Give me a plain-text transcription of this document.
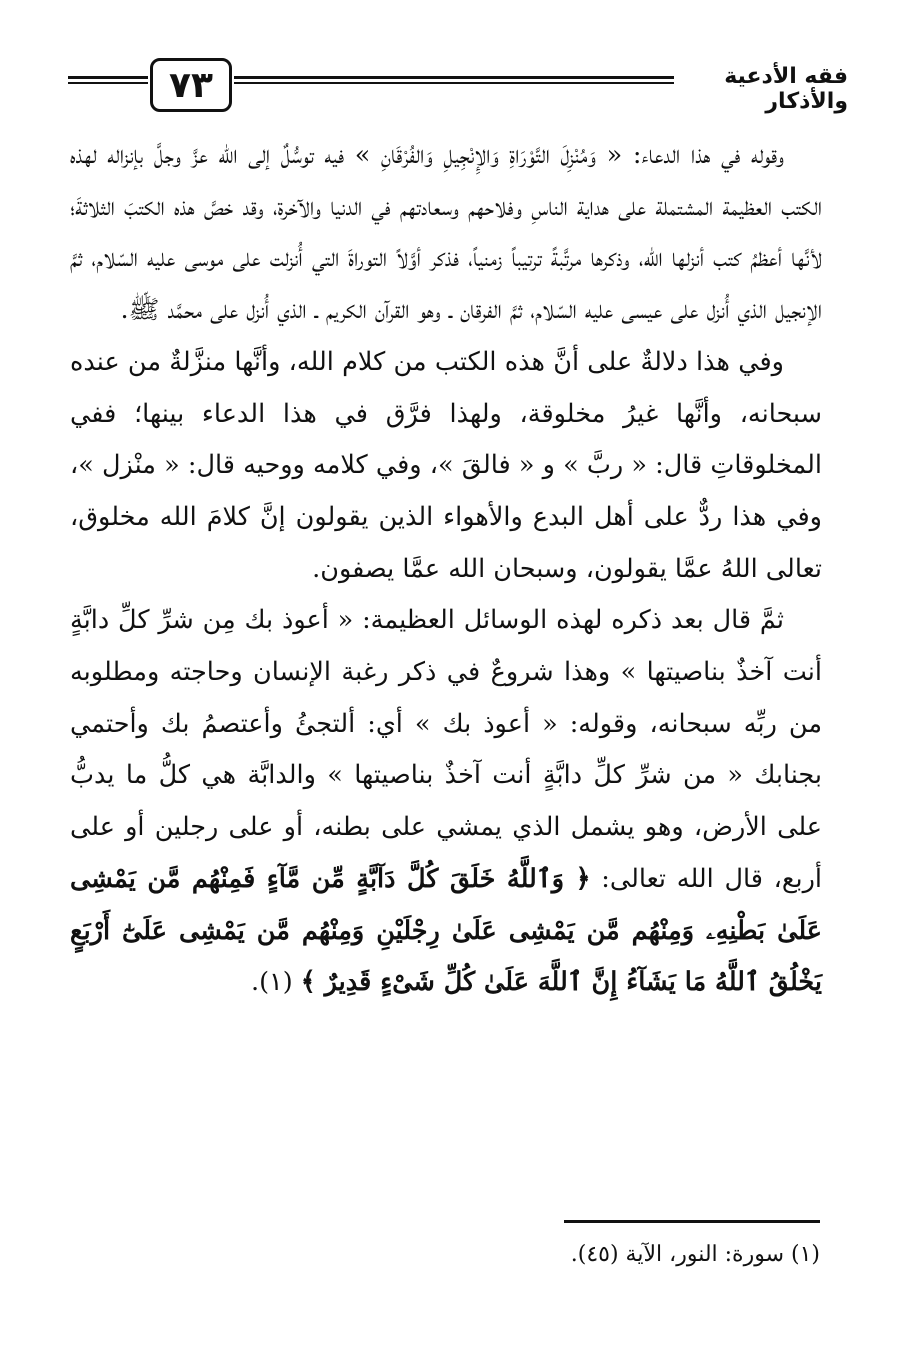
٧٣	فقه الأدعية والأذكار

وقوله في هذا الدعاء: « وَمُنْزِلَ التَّوْرَاةِ وَالإِنْجِيلِ وَالفُرْقَانِ » فيه توسُّلٌ إلى الله عزَّ وجلَّ بإنزاله لهذه الكتب العظيمة المشتملة على هداية الناسِ وفلاحهم وسعادتهم في الدنيا والآخرة، وقد خصَّ هذه الكتبَ الثلاثةَ؛ لأنَّها أعظمُ كتب أنزلها الله، وذكرها مرتَّبةً ترتيباً زمنياً، فذكر أوَّلاً التوراةَ التي أُنزلت على موسى عليه السّلام، ثمَّ الإنجيل الذي أُنزل على عيسى عليه السّلام، ثمَّ الفرقان ـ وهو القرآن الكريم ـ الذي أُنزل على محمَّد ﷺ.

وفي هذا دلالةٌ على أنَّ هذه الكتب من كلام الله، وأنَّها منزَّلةٌ من عنده سبحانه، وأنَّها غيرُ مخلوقة، ولهذا فرَّق في هذا الدعاء بينها؛ ففي المخلوقاتِ قال: « ربَّ » و « فالقَ »، وفي كلامه ووحيه قال: « منْزل »، وفي هذا ردٌّ على أهل البدع والأهواء الذين يقولون إنَّ كلامَ الله مخلوق، تعالى اللهُ عمَّا يقولون، وسبحان الله عمَّا يصفون.

ثمَّ قال بعد ذكره لهذه الوسائل العظيمة: « أعوذ بك مِن شرِّ كلِّ دابَّةٍ أنت آخذٌ بناصيتها » وهذا شروعٌ في ذكر رغبة الإنسان وحاجته ومطلوبه من ربِّه سبحانه، وقوله: « أعوذ بك » أي: ألتجئُ وأعتصمُ بك وأحتمي بجنابك « من شرِّ كلِّ دابَّةٍ أنت آخذٌ بناصيتها » والدابَّة هي كلُّ ما يدبُّ على الأرض، وهو يشمل الذي يمشي على بطنه، أو على رجلين أو على أربع، قال الله تعالى: ﴿ وَٱللَّهُ خَلَقَ كُلَّ دَآبَّةٍ مِّن مَّآءٍ فَمِنْهُم مَّن يَمْشِى عَلَىٰ بَطْنِهِۦ وَمِنْهُم مَّن يَمْشِى عَلَىٰ رِجْلَيْنِ وَمِنْهُم مَّن يَمْشِى عَلَىٰٓ أَرْبَعٍ يَخْلُقُ ٱللَّهُ مَا يَشَآءُ إِنَّ ٱللَّهَ عَلَىٰ كُلِّ شَىْءٍ قَدِيرٌ ﴾ (١).

(١) سورة: النور، الآية (٤٥).
